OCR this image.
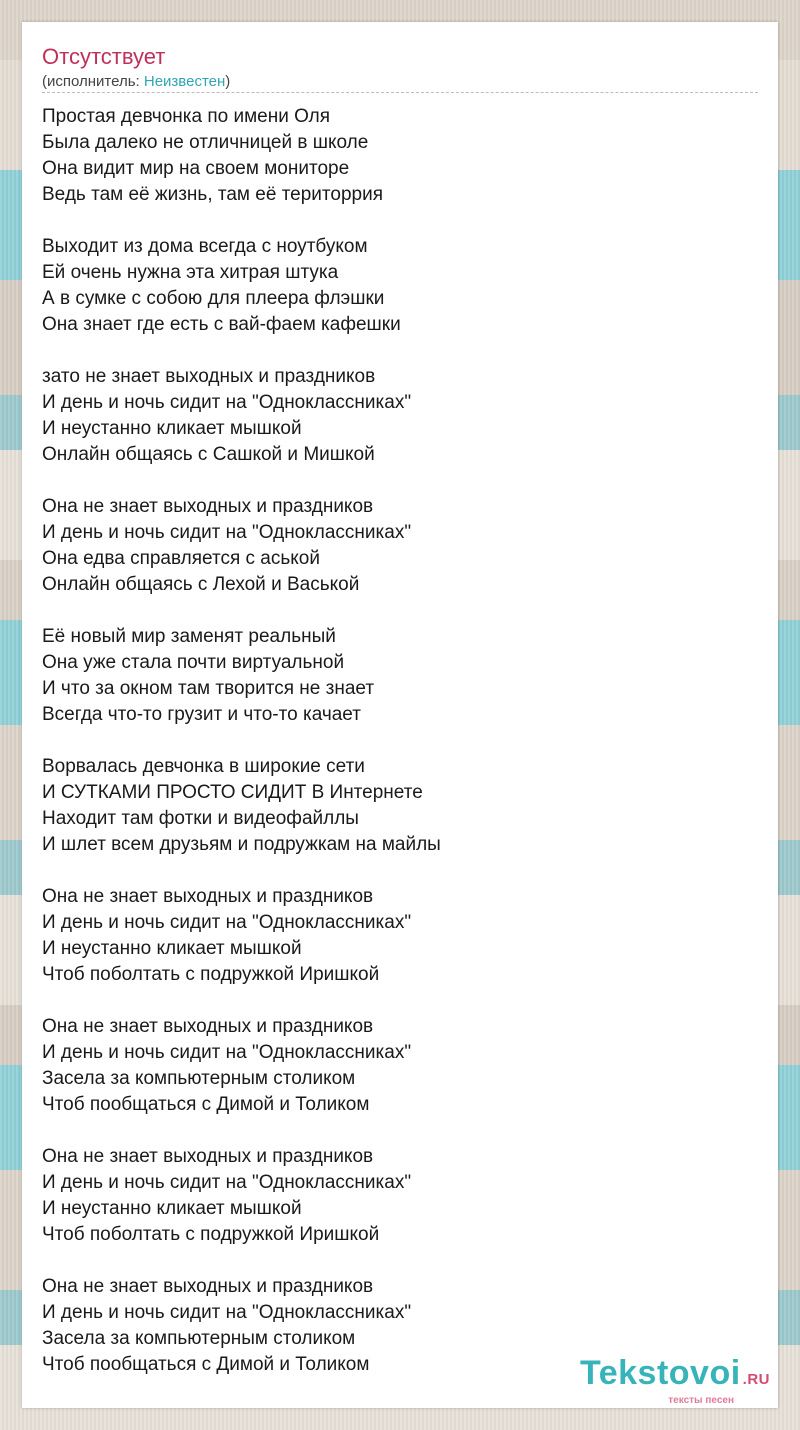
Отсутствует
(исполнитель: Неизвестен)
Простая девчонка по имени Оля
Была далеко не отличницей в школе
Она видит мир на своем мониторе
Ведь там её жизнь, там её територрия
Выходит из дома всегда с ноутбуком
Ей очень нужна эта хитрая штука
А в сумке с собою для плеера флэшки
Она знает где есть с вай-фаем кафешки
зато не знает выходных и праздников
И день и ночь сидит на "Одноклассниках"
И неустанно кликает мышкой
Онлайн общаясь с Сашкой и Мишкой
Она не знает выходных и праздников
И день и ночь сидит на "Одноклассниках"
Она едва справляется с аськой
Онлайн общаясь с Лехой и Васькой
Её новый мир заменят реальный
Она уже стала почти виртуальной
И что за окном там творится не знает
Всегда что-то грузит и что-то качает
Ворвалась девчонка в широкие сети
И СУТКАМИ ПРОСТО СИДИТ В Интернете
Находит там фотки и видеофайллы
И шлет всем друзьям и подружкам на майлы
Она не знает выходных и праздников
И день и ночь сидит на "Одноклассниках"
И неустанно кликает мышкой
Чтоб поболтать с подружкой Иришкой
Она не знает выходных и праздников
И день и ночь сидит на "Одноклассниках"
Засела за компьютерным столиком
Чтоб пообщаться с Димой и Толиком
Она не знает выходных и праздников
И день и ночь сидит на "Одноклассниках"
И неустанно кликает мышкой
Чтоб поболтать с подружкой Иришкой
Она не знает выходных и праздников
И день и ночь сидит на "Одноклассниках"
Засела за компьютерным столиком
Чтоб пообщаться с Димой и Толиком	Tekstovoi .RU
тексты песен
